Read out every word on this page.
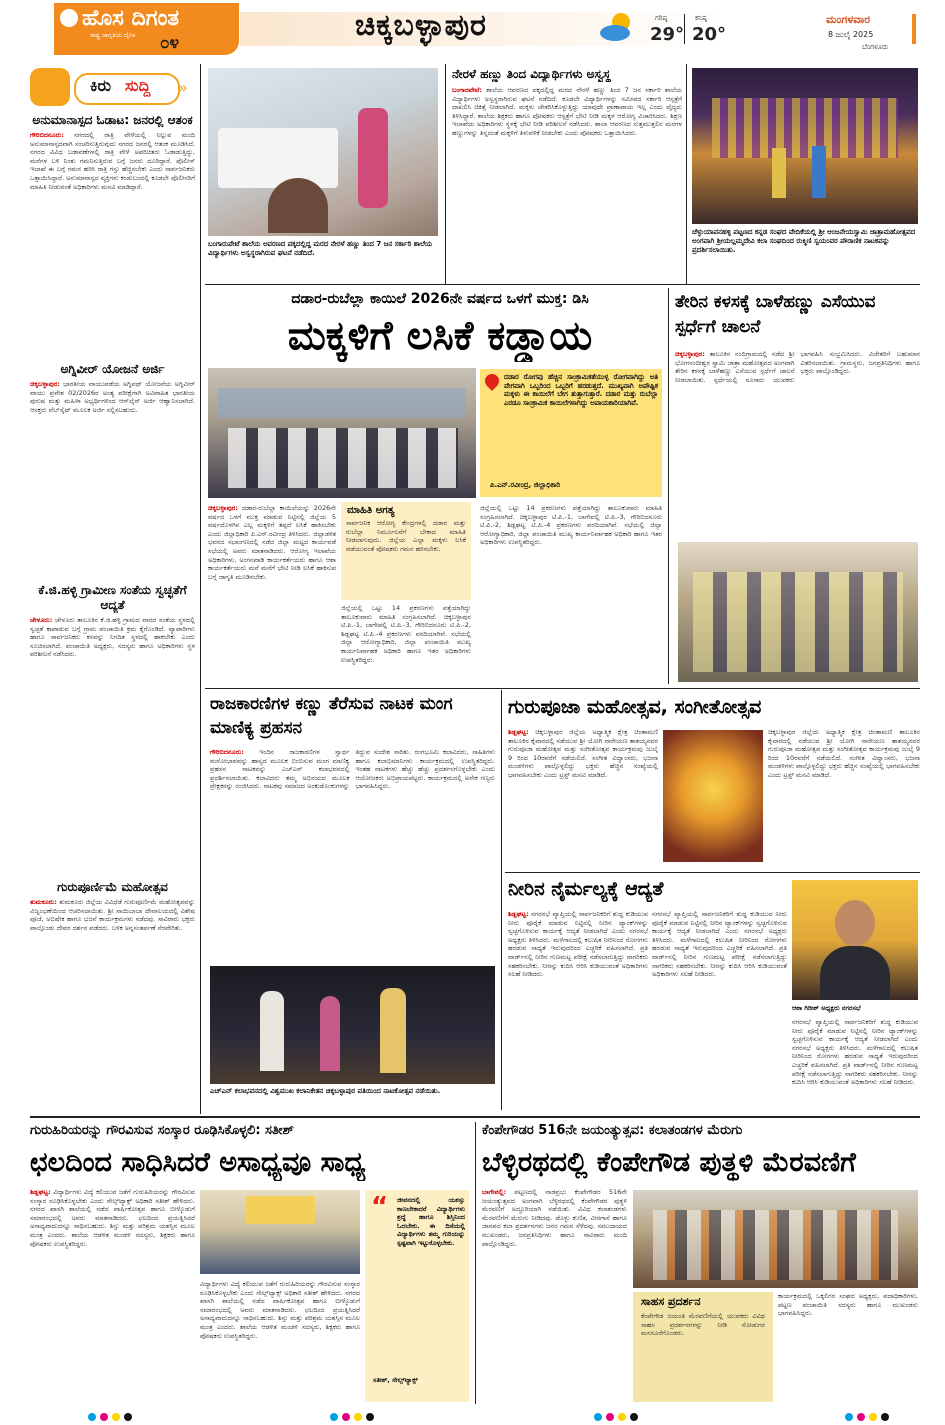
ಹೊಸ ದಿಗಂತ
ರಾಷ್ಟ್ರ ಜಾಗೃತಿಯ ದೈನಿಕ ೦೪	ಚಿಕ್ಕಬಳ್ಳಾಪುರ	ಗರಿಷ್ಠ
29°
ಕನಿಷ್ಠ
20°
ಮಂಗಳವಾರ
8 ಜುಲೈ 2025
ಬೆಂಗಳೂರು
ಕಿರು ಸುದ್ದಿ »
ಅನುಮಾನಾಸ್ಪದ ಓಡಾಟ: ಜನರಲ್ಲಿ ಆತಂಕ
ಗೌರಿಬಿದನೂರು: ನಗರದಲ್ಲಿ ರಾತ್ರಿ ವೇಳೆಯಲ್ಲಿ ನಿಲ್ಲುವ ಮಂದಿ ಅನುಮಾನಾಸ್ಪದವಾಗಿ ಸಂಚರಿಸುತ್ತಿರುವುದು ನಗರದ ಜನರಲ್ಲಿ ಆತಂಕ ಮೂಡಿಸಿದೆ. ನಗರದ ವಿವಿಧ ಬಡಾವಣೆಗಳಲ್ಲಿ ರಾತ್ರಿ ವೇಳೆ ಅಪರಿಚಿತರು ಓಡಾಡುತ್ತಿದ್ದು, ಮನೆಗಳ ಬಳಿ ನಿಂತು ಗಮನಿಸುತ್ತಿರುವ ಬಗ್ಗೆ ಜನರು ದೂರಿದ್ದಾರೆ. ಪೊಲೀಸ್ ಇಲಾಖೆ ಈ ಬಗ್ಗೆ ಗಮನ ಹರಿಸಿ ರಾತ್ರಿ ಗಸ್ತು ಹೆಚ್ಚಿಸಬೇಕು ಎಂದು ಸಾರ್ವಜನಿಕರು ಒತ್ತಾಯಿಸಿದ್ದಾರೆ. ಅನುಮಾನಾಸ್ಪದ ವ್ಯಕ್ತಿಗಳು ಕಂಡುಬಂದಲ್ಲಿ ಕೂಡಲೇ ಪೊಲೀಸರಿಗೆ ಮಾಹಿತಿ ನೀಡುವಂತೆ ಅಧಿಕಾರಿಗಳು ಮನವಿ ಮಾಡಿದ್ದಾರೆ.
ಅಗ್ನಿವೀರ್ ಯೋಜನೆ ಅರ್ಜಿ
ಚಿಕ್ಕಬಳ್ಳಾಪುರ: ಭಾರತೀಯ ವಾಯುಪಡೆಯ ಅಗ್ನಿಪಥ್ ಯೋಜನೆಯ ಅಗ್ನಿವೀರ್ ವಾಯು ಪ್ರವೇಶ 02/2026ರ ಅಂತ್ಯ ಪರೀಕ್ಷೆಗಾಗಿ ಅವಿವಾಹಿತ ಭಾರತೀಯ ಪುರುಷ ಮತ್ತು ಮಹಿಳಾ ಅಭ್ಯರ್ಥಿಗಳಿಂದ ಆನ್‌ಲೈನ್ ಅರ್ಜಿ ಆಹ್ವಾನಿಸಲಾಗಿದೆ. ಆಸಕ್ತರು ವೆಬ್‌ಸೈಟ್ ಮೂಲಕ ಅರ್ಜಿ ಸಲ್ಲಿಸಬಹುದು.
ಕೆ.ಜಿ.ಹಳ್ಳಿ ಗ್ರಾಮೀಣ ಸಂತೆಯ ಸ್ವಚ್ಛತೆಗೆ ಆದ್ಯತೆ
ಚೇಳೂರು: ಚೇಳೂರು ತಾಲೂಕಿನ ಕೆ.ಜಿ.ಹಳ್ಳಿ ಗ್ರಾಮದ ವಾರದ ಸಂತೆಯ ಸ್ಥಳದಲ್ಲಿ ಸ್ವಚ್ಛತೆ ಕಾಪಾಡುವ ಬಗ್ಗೆ ಗ್ರಾಮ ಪಂಚಾಯಿತಿ ಕ್ರಮ ಕೈಗೊಂಡಿದೆ. ವ್ಯಾಪಾರಿಗಳು ಹಾಗೂ ಸಾರ್ವಜನಿಕರು ಕಸವನ್ನು ನಿಗದಿತ ಸ್ಥಳದಲ್ಲಿ ಹಾಕಬೇಕು ಎಂದು ಸೂಚಿಸಲಾಗಿದೆ. ಪಂಚಾಯಿತಿ ಅಧ್ಯಕ್ಷರು, ಸದಸ್ಯರು ಹಾಗೂ ಅಧಿಕಾರಿಗಳು ಸ್ಥಳ ಪರಿಶೀಲನೆ ನಡೆಸಿದರು.
ಗುರುಪೂರ್ಣಿಮೆ ಮಹೋತ್ಸವ
ತುಮಕೂರು: ತುಮಕೂರು ಜಿಲ್ಲೆಯ ವಿವಿಧೆಡೆ ಗುರುಪೂರ್ಣಿಮೆ ಮಹೋತ್ಸವವನ್ನು ವಿಜೃಂಭಣೆಯಿಂದ ಆಚರಿಸಲಾಯಿತು. ಶ್ರೀ ಸಾಯಿಬಾಬಾ ದೇವಾಲಯದಲ್ಲಿ ವಿಶೇಷ ಪೂಜೆ, ಅಭಿಷೇಕ ಹಾಗೂ ಭಜನೆ ಕಾರ್ಯಕ್ರಮಗಳು ನಡೆದವು. ಸಾವಿರಾರು ಭಕ್ತರು ಪಾಲ್ಗೊಂಡು ದೇವರ ದರ್ಶನ ಪಡೆದರು. ಬಳಿಕ ಅನ್ನಸಂತರ್ಪಣೆ ನೆರವೇರಿತು.
ಬಂಗಾರುಪೇಟೆ ಶಾಲೆಯ ಅವರಣದ ಪಕ್ಕದಲ್ಲಿದ್ದ ಮರದ ನೇರಳೆ ಹಣ್ಣು ತಿಂದ 7 ಜನ ಸರ್ಕಾರಿ ಶಾಲೆಯ ವಿದ್ಯಾರ್ಥಿಗಳು ಅಸ್ವಸ್ಥರಾಗಿರುವ ಘಟನೆ ನಡೆದಿದೆ.
ನೇರಳೆ ಹಣ್ಣು ತಿಂದ ವಿದ್ಯಾರ್ಥಿಗಳು ಅಸ್ವಸ್ಥ
ಬಂಗಾರಪೇಟೆ: ಶಾಲೆಯ ಆವರಣದ ಪಕ್ಕದಲ್ಲಿದ್ದ ಮರದ ನೇರಳೆ ಹಣ್ಣು ತಿಂದ 7 ಜನ ಸರ್ಕಾರಿ ಶಾಲೆಯ ವಿದ್ಯಾರ್ಥಿಗಳು ಅಸ್ವಸ್ಥರಾಗಿರುವ ಘಟನೆ ನಡೆದಿದೆ. ಕೂಡಲೇ ವಿದ್ಯಾರ್ಥಿಗಳನ್ನು ಸಮೀಪದ ಸರ್ಕಾರಿ ಆಸ್ಪತ್ರೆಗೆ ದಾಖಲಿಸಿ ಚಿಕಿತ್ಸೆ ನೀಡಲಾಗಿದೆ. ಮಕ್ಕಳು ಚೇತರಿಸಿಕೊಳ್ಳುತ್ತಿದ್ದು ಯಾವುದೇ ಪ್ರಾಣಾಪಾಯ ಇಲ್ಲ ಎಂದು ವೈದ್ಯರು ತಿಳಿಸಿದ್ದಾರೆ. ಶಾಲೆಯ ಶಿಕ್ಷಕರು ಹಾಗೂ ಪೋಷಕರು ಆಸ್ಪತ್ರೆಗೆ ಭೇಟಿ ನೀಡಿ ಮಕ್ಕಳ ಆರೋಗ್ಯ ವಿಚಾರಿಸಿದರು. ಶಿಕ್ಷಣ ಇಲಾಖೆಯ ಅಧಿಕಾರಿಗಳು ಸ್ಥಳಕ್ಕೆ ಭೇಟಿ ನೀಡಿ ಪರಿಶೀಲನೆ ನಡೆಸಿದರು. ಶಾಲಾ ಆವರಣದ ಸುತ್ತಮುತ್ತಲಿನ ಮರಗಳ ಹಣ್ಣುಗಳನ್ನು ತಿನ್ನದಂತೆ ಮಕ್ಕಳಿಗೆ ತಿಳುವಳಿಕೆ ನೀಡಬೇಕು ಎಂದು ಪೋಷಕರು ಒತ್ತಾಯಿಸಿದರು.
ಚೆಳ್ಳುಯಾಪನಹಳ್ಳಿ ಪಟ್ಟಣದ ಕನ್ನಡ ಸಂಘದ ವೇದಿಕೆಯಲ್ಲಿ ಶ್ರೀ ಆಂಜನೇಯಸ್ವಾಮಿ ಜಾತ್ರಾಮಹೋತ್ಸವದ ಅಂಗವಾಗಿ ಶ್ರೀಯಲ್ಲಮ್ಮದೇವಿ ಕಲಾ ಸಂಘದಿಂದ ರುಕ್ಮಿಣಿ ಸ್ವಯಂವರ ಪೌರಾಣಿಕ ನಾಟಕವನ್ನು ಪ್ರದರ್ಶಿಸಲಾಯಿತು.
ದಡಾರ-ರುಬೆಲ್ಲಾ ಕಾಯಿಲೆ 2026ನೇ ವರ್ಷದ ಒಳಗೆ ಮುಕ್ತ: ಡಿಸಿ
ಮಕ್ಕಳಿಗೆ ಲಸಿಕೆ ಕಡ್ಡಾಯ
ದಡಾರ ರೋಗವು ಹೆಚ್ಚಿನ ಸಾಂಕ್ರಾಮಿಕತೆಯುಳ್ಳ ರೋಗವಾಗಿದ್ದು ಅತಿ ವೇಗವಾಗಿ ಒಬ್ಬರಿಂದ ಒಬ್ಬರಿಗೆ ಹರಡುತ್ತದೆ. ಮುಖ್ಯವಾಗಿ ಅಪೌಷ್ಟಿಕ ಮಕ್ಕಳು ಈ ಕಾಯಿಲೆಗೆ ಬೇಗ ತುತ್ತಾಗುತ್ತಾರೆ. ದಡಾರ ಮತ್ತು ರುಬೆಲ್ಲಾ ಎರಡೂ ಸಾಂಕ್ರಾಮಿಕ ಕಾಯಿಲೆಗಳಾಗಿದ್ದು ಅಪಾಯಕಾರಿಯಾಗಿವೆ.
ಪಿ.ಎನ್.ರವೀಂದ್ರ, ಜಿಲ್ಲಾಧಿಕಾರಿ
ಚಿಕ್ಕಬಳ್ಳಾಪುರ: ದಡಾರ-ರುಬೆಲ್ಲಾ ಕಾಯಿಲೆಯನ್ನು 2026ನೇ ವರ್ಷದ ಒಳಗೆ ಮುಕ್ತ ಮಾಡುವ ನಿಟ್ಟಿನಲ್ಲಿ ಜಿಲ್ಲೆಯ 5 ವರ್ಷದೊಳಗಿನ ಎಲ್ಲ ಮಕ್ಕಳಿಗೆ ತಪ್ಪದೆ ಲಸಿಕೆ ಹಾಕಿಸಬೇಕು ಎಂದು ಜಿಲ್ಲಾಧಿಕಾರಿ ಪಿ.ಎನ್.ರವೀಂದ್ರ ತಿಳಿಸಿದರು. ಜಿಲ್ಲಾಡಳಿತ ಭವನದ ಸಭಾಂಗಣದಲ್ಲಿ ನಡೆದ ಜಿಲ್ಲಾ ಮಟ್ಟದ ಕಾರ್ಯಪಡೆ ಸಭೆಯಲ್ಲಿ ಅವರು ಮಾತನಾಡಿದರು. ಆರೋಗ್ಯ ಇಲಾಖೆಯ ಅಧಿಕಾರಿಗಳು, ಅಂಗನವಾಡಿ ಕಾರ್ಯಕರ್ತೆಯರು ಹಾಗೂ ಆಶಾ ಕಾರ್ಯಕರ್ತೆಯರು ಮನೆ ಮನೆಗೆ ಭೇಟಿ ನೀಡಿ ಲಸಿಕೆ ಹಾಕಿಸುವ ಬಗ್ಗೆ ಜಾಗೃತಿ ಮೂಡಿಸಬೇಕು.
ಮಾಹಿತಿ ಅಗತ್ಯ
ಸಾರ್ವಜನಿಕ ಆರೋಗ್ಯ ಕೇಂದ್ರಗಳಲ್ಲಿ ದಡಾರ ಮತ್ತು ರುಬೆಲ್ಲಾ ನಿರ್ಮೂಲನೆಗೆ ಬೇಕಾದ ಮಾಹಿತಿ ನೀಡಲಾಗುವುದು. ಜಿಲ್ಲೆಯ ಎಲ್ಲಾ ಮಕ್ಕಳು ಲಸಿಕೆ ಪಡೆಯುವಂತೆ ಪೋಷಕರು ಗಮನ ಹರಿಸಬೇಕು.
ಜಿಲ್ಲೆಯಲ್ಲಿ ಒಟ್ಟು 14 ಪ್ರಕರಣಗಳು ಪತ್ತೆಯಾಗಿದ್ದು ತಾಲೂಕುವಾರು ಮಾಹಿತಿ ಸಂಗ್ರಹಿಸಲಾಗಿದೆ. ಚಿಕ್ಕಬಳ್ಳಾಪುರ ಟಿ.ಪಿ.-1, ಬಾಗೇಪಲ್ಲಿ ಟಿ.ಪಿ.-3, ಗೌರಿಬಿದನೂರು ಟಿ.ಪಿ.-2, ಶಿಡ್ಲಘಟ್ಟ ಟಿ.ಪಿ.-4 ಪ್ರಕರಣಗಳು ವರದಿಯಾಗಿವೆ. ಸಭೆಯಲ್ಲಿ ಜಿಲ್ಲಾ ಆರೋಗ್ಯಾಧಿಕಾರಿ, ಜಿಲ್ಲಾ ಪಂಚಾಯಿತಿ ಮುಖ್ಯ ಕಾರ್ಯನಿರ್ವಾಹಕ ಅಧಿಕಾರಿ ಹಾಗೂ ಇತರ ಅಧಿಕಾರಿಗಳು ಉಪಸ್ಥಿತರಿದ್ದರು.
ಜಿಲ್ಲೆಯಲ್ಲಿ ಒಟ್ಟು 14 ಪ್ರಕರಣಗಳು ಪತ್ತೆಯಾಗಿದ್ದು ತಾಲೂಕುವಾರು ಮಾಹಿತಿ ಸಂಗ್ರಹಿಸಲಾಗಿದೆ. ಚಿಕ್ಕಬಳ್ಳಾಪುರ ಟಿ.ಪಿ.-1, ಬಾಗೇಪಲ್ಲಿ ಟಿ.ಪಿ.-3, ಗೌರಿಬಿದನೂರು ಟಿ.ಪಿ.-2, ಶಿಡ್ಲಘಟ್ಟ ಟಿ.ಪಿ.-4 ಪ್ರಕರಣಗಳು ವರದಿಯಾಗಿವೆ. ಸಭೆಯಲ್ಲಿ ಜಿಲ್ಲಾ ಆರೋಗ್ಯಾಧಿಕಾರಿ, ಜಿಲ್ಲಾ ಪಂಚಾಯಿತಿ ಮುಖ್ಯ ಕಾರ್ಯನಿರ್ವಾಹಕ ಅಧಿಕಾರಿ ಹಾಗೂ ಇತರ ಅಧಿಕಾರಿಗಳು ಉಪಸ್ಥಿತರಿದ್ದರು.
ತೇರಿನ ಕಳಸಕ್ಕೆ ಬಾಳೆಹಣ್ಣು ಎಸೆಯುವ ಸ್ಪರ್ಧೆಗೆ ಚಾಲನೆ
ಚಿಕ್ಕಬಳ್ಳಾಪುರ: ತಾಲೂಕಿನ ನಂದಿಗ್ರಾಮದಲ್ಲಿ ನಡೆದ ಶ್ರೀ ಭೋಗನಂದೀಶ್ವರ ಸ್ವಾಮಿ ಜಾತ್ರಾ ಮಹೋತ್ಸವದ ಅಂಗವಾಗಿ ತೇರಿನ ಕಳಸಕ್ಕೆ ಬಾಳೆಹಣ್ಣು ಎಸೆಯುವ ಸ್ಪರ್ಧೆಗೆ ಚಾಲನೆ ನೀಡಲಾಯಿತು. ಸ್ಪರ್ಧೆಯಲ್ಲಿ ನೂರಾರು ಯುವಕರು ಭಾಗವಹಿಸಿ ಸಂಭ್ರಮಿಸಿದರು. ವಿಜೇತರಿಗೆ ಬಹುಮಾನ ವಿತರಿಸಲಾಯಿತು. ಗ್ರಾಮಸ್ಥರು, ಜನಪ್ರತಿನಿಧಿಗಳು ಹಾಗೂ ಭಕ್ತರು ಪಾಲ್ಗೊಂಡಿದ್ದರು.
ರಾಜಕಾರಣಿಗಳ ಕಣ್ಣು ತೆರೆಸುವ ನಾಟಕ ಮಂಗ ಮಾಣಿಕ್ಯ ಪ್ರಹಸನ
ಗೌರಿಬಿದನೂರು: ಇಂದಿನ ರಾಜಕಾರಣಿಗಳ ಸ್ವಾರ್ಥ ಮನೋಭಾವವನ್ನು ಹಾಸ್ಯದ ಮೂಲಕ ಬಿಂಬಿಸುವ ಮಂಗ ಮಾಣಿಕ್ಯ ಪ್ರಹಸನ ನಾಟಕವನ್ನು ಎಚ್‌ಎನ್ ಕಲಾಭವನದಲ್ಲಿ ಪ್ರದರ್ಶಿಸಲಾಯಿತು. ಕಲಾವಿದರು ತಮ್ಮ ಅಭಿನಯದ ಮೂಲಕ ಪ್ರೇಕ್ಷಕರನ್ನು ರಂಜಿಸಿದರು. ನಾಟಕವು ಸಮಾಜದ ಅಂಕುಡೊಂಕುಗಳನ್ನು ತಿದ್ದುವ ಸಂದೇಶ ಸಾರಿತು. ರಂಗಭೂಮಿ ಕಲಾವಿದರು, ಸಾಹಿತಿಗಳು ಹಾಗೂ ಕಲಾಭಿಮಾನಿಗಳು ಕಾರ್ಯಕ್ರಮದಲ್ಲಿ ಉಪಸ್ಥಿತರಿದ್ದರು. ಇಂತಹ ನಾಟಕಗಳು ಹೆಚ್ಚು ಹೆಚ್ಚು ಪ್ರದರ್ಶನಗೊಳ್ಳಬೇಕು ಎಂದು ಆಯೋಜಕರು ಅಭಿಪ್ರಾಯಪಟ್ಟರು. ಕಾರ್ಯಕ್ರಮದಲ್ಲಿ ಅನೇಕ ಗಣ್ಯರು ಭಾಗವಹಿಸಿದ್ದರು.
ಎಚ್‌ಎನ್ ಕಲಾಭವನದಲ್ಲಿ ವಿಶ್ವಮುಖ ಕಲಾನಿಕೇತನ ಚಿಕ್ಕಬಳ್ಳಾಪುರ ವತಿಯಿಂದ ನಾಟಕೋತ್ಸವ ನಡೆಯಿತು.
ಗುರುಪೂಜಾ ಮಹೋತ್ಸವ, ಸಂಗೀತೋತ್ಸವ
ಶಿಡ್ಲಘಟ್ಟ: ಚಿಕ್ಕಬಳ್ಳಾಪುರ ಜಿಲ್ಲೆಯ ಅಧ್ಯಾತ್ಮಿಕ ಕ್ಷೇತ್ರ ಚಿಂತಾಮಣಿ ತಾಲೂಕಿನ ಕೈವಾರದಲ್ಲಿ ನಡೆಯುವ ಶ್ರೀ ಯೋಗಿ ನಾರೇಯಣ ತಾತಯ್ಯನವರ ಗುರುಪೂಜಾ ಮಹೋತ್ಸವ ಮತ್ತು ಸಂಗೀತೋತ್ಸವ ಕಾರ್ಯಕ್ರಮವು ಜುಲೈ 9 ರಿಂದ 10ರವರೆಗೆ ನಡೆಯಲಿದೆ. ಸಂಗೀತ ವಿದ್ವಾಂಸರು, ಭಜನಾ ಮಂಡಳಿಗಳು ಪಾಲ್ಗೊಳ್ಳಲಿದ್ದು ಭಕ್ತರು ಹೆಚ್ಚಿನ ಸಂಖ್ಯೆಯಲ್ಲಿ ಭಾಗವಹಿಸಬೇಕು ಎಂದು ಟ್ರಸ್ಟ್ ಮನವಿ ಮಾಡಿದೆ.
ಚಿಕ್ಕಬಳ್ಳಾಪುರ ಜಿಲ್ಲೆಯ ಅಧ್ಯಾತ್ಮಿಕ ಕ್ಷೇತ್ರ ಚಿಂತಾಮಣಿ ತಾಲೂಕಿನ ಕೈವಾರದಲ್ಲಿ ನಡೆಯುವ ಶ್ರೀ ಯೋಗಿ ನಾರೇಯಣ ತಾತಯ್ಯನವರ ಗುರುಪೂಜಾ ಮಹೋತ್ಸವ ಮತ್ತು ಸಂಗೀತೋತ್ಸವ ಕಾರ್ಯಕ್ರಮವು ಜುಲೈ 9 ರಿಂದ 10ರವರೆಗೆ ನಡೆಯಲಿದೆ. ಸಂಗೀತ ವಿದ್ವಾಂಸರು, ಭಜನಾ ಮಂಡಳಿಗಳು ಪಾಲ್ಗೊಳ್ಳಲಿದ್ದು ಭಕ್ತರು ಹೆಚ್ಚಿನ ಸಂಖ್ಯೆಯಲ್ಲಿ ಭಾಗವಹಿಸಬೇಕು ಎಂದು ಟ್ರಸ್ಟ್ ಮನವಿ ಮಾಡಿದೆ.
ನೀರಿನ ನೈರ್ಮಲ್ಯಕ್ಕೆ ಆದ್ಯತೆ
ಶಿಡ್ಲಘಟ್ಟ: ನಗರಸಭೆ ವ್ಯಾಪ್ತಿಯಲ್ಲಿ ಸಾರ್ವಜನಿಕರಿಗೆ ಶುದ್ಧ ಕುಡಿಯುವ ನೀರು ಪೂರೈಕೆ ಮಾಡುವ ನಿಟ್ಟಿನಲ್ಲಿ ನೀರಿನ ಟ್ಯಾಂಕ್‌ಗಳನ್ನು ಸ್ವಚ್ಛಗೊಳಿಸುವ ಕಾರ್ಯಕ್ಕೆ ಆದ್ಯತೆ ನೀಡಲಾಗಿದೆ ಎಂದು ನಗರಸಭೆ ಅಧ್ಯಕ್ಷರು ತಿಳಿಸಿದರು. ಮಳೆಗಾಲದಲ್ಲಿ ಕಲುಷಿತ ನೀರಿನಿಂದ ರೋಗಗಳು ಹರಡುವ ಸಾಧ್ಯತೆ ಇರುವುದರಿಂದ ಎಚ್ಚರಿಕೆ ವಹಿಸಲಾಗಿದೆ. ಪ್ರತಿ ವಾರ್ಡ್‌ನಲ್ಲಿ ನೀರಿನ ಗುಣಮಟ್ಟ ಪರೀಕ್ಷೆ ನಡೆಸಲಾಗುತ್ತಿದ್ದು ನಾಗರಿಕರು ಸಹಕರಿಸಬೇಕು. ನೀರನ್ನು ಕುದಿಸಿ ಆರಿಸಿ ಕುಡಿಯುವಂತೆ ಅಧಿಕಾರಿಗಳು ಸಲಹೆ ನೀಡಿದರು.
ನಗರಸಭೆ ವ್ಯಾಪ್ತಿಯಲ್ಲಿ ಸಾರ್ವಜನಿಕರಿಗೆ ಶುದ್ಧ ಕುಡಿಯುವ ನೀರು ಪೂರೈಕೆ ಮಾಡುವ ನಿಟ್ಟಿನಲ್ಲಿ ನೀರಿನ ಟ್ಯಾಂಕ್‌ಗಳನ್ನು ಸ್ವಚ್ಛಗೊಳಿಸುವ ಕಾರ್ಯಕ್ಕೆ ಆದ್ಯತೆ ನೀಡಲಾಗಿದೆ ಎಂದು ನಗರಸಭೆ ಅಧ್ಯಕ್ಷರು ತಿಳಿಸಿದರು. ಮಳೆಗಾಲದಲ್ಲಿ ಕಲುಷಿತ ನೀರಿನಿಂದ ರೋಗಗಳು ಹರಡುವ ಸಾಧ್ಯತೆ ಇರುವುದರಿಂದ ಎಚ್ಚರಿಕೆ ವಹಿಸಲಾಗಿದೆ. ಪ್ರತಿ ವಾರ್ಡ್‌ನಲ್ಲಿ ನೀರಿನ ಗುಣಮಟ್ಟ ಪರೀಕ್ಷೆ ನಡೆಸಲಾಗುತ್ತಿದ್ದು ನಾಗರಿಕರು ಸಹಕರಿಸಬೇಕು. ನೀರನ್ನು ಕುದಿಸಿ ಆರಿಸಿ ಕುಡಿಯುವಂತೆ ಅಧಿಕಾರಿಗಳು ಸಲಹೆ ನೀಡಿದರು.
ಆಶಾ ಗಿರೀಶ್ ಅಧ್ಯಕ್ಷರು ನಗರಸಭೆ
ನಗರಸಭೆ ವ್ಯಾಪ್ತಿಯಲ್ಲಿ ಸಾರ್ವಜನಿಕರಿಗೆ ಶುದ್ಧ ಕುಡಿಯುವ ನೀರು ಪೂರೈಕೆ ಮಾಡುವ ನಿಟ್ಟಿನಲ್ಲಿ ನೀರಿನ ಟ್ಯಾಂಕ್‌ಗಳನ್ನು ಸ್ವಚ್ಛಗೊಳಿಸುವ ಕಾರ್ಯಕ್ಕೆ ಆದ್ಯತೆ ನೀಡಲಾಗಿದೆ ಎಂದು ನಗರಸಭೆ ಅಧ್ಯಕ್ಷರು ತಿಳಿಸಿದರು. ಮಳೆಗಾಲದಲ್ಲಿ ಕಲುಷಿತ ನೀರಿನಿಂದ ರೋಗಗಳು ಹರಡುವ ಸಾಧ್ಯತೆ ಇರುವುದರಿಂದ ಎಚ್ಚರಿಕೆ ವಹಿಸಲಾಗಿದೆ. ಪ್ರತಿ ವಾರ್ಡ್‌ನಲ್ಲಿ ನೀರಿನ ಗುಣಮಟ್ಟ ಪರೀಕ್ಷೆ ನಡೆಸಲಾಗುತ್ತಿದ್ದು ನಾಗರಿಕರು ಸಹಕರಿಸಬೇಕು. ನೀರನ್ನು ಕುದಿಸಿ ಆರಿಸಿ ಕುಡಿಯುವಂತೆ ಅಧಿಕಾರಿಗಳು ಸಲಹೆ ನೀಡಿದರು.
ಗುರುಹಿರಿಯರನ್ನು ಗೌರವಿಸುವ ಸಂಸ್ಕಾರ ರೂಢಿಸಿಕೊಳ್ಳಲಿ: ಸತೀಶ್
ಛಲದಿಂದ ಸಾಧಿಸಿದರೆ ಅಸಾಧ್ಯವೂ ಸಾಧ್ಯ
ಶಿಡ್ಲಘಟ್ಟ: ವಿದ್ಯಾರ್ಥಿಗಳು ವಿದ್ಯೆ ಕಲಿಯುವ ಜತೆಗೆ ಗುರುಹಿರಿಯರನ್ನು ಗೌರವಿಸುವ ಸಂಸ್ಕಾರ ರೂಢಿಸಿಕೊಳ್ಳಬೇಕು ಎಂದು ಸೇಲ್ಸ್‌ಟ್ಯಾಕ್ಸ್ ಅಧಿಕಾರಿ ಸತೀಶ್ ಹೇಳಿದರು. ನಗರದ ಖಾಸಗಿ ಶಾಲೆಯಲ್ಲಿ ನಡೆದ ವಾರ್ಷಿಕೋತ್ಸವ ಹಾಗೂ ಬೀಳ್ಕೊಡುಗೆ ಸಮಾರಂಭದಲ್ಲಿ ಅವರು ಮಾತನಾಡಿದರು. ಛಲದಿಂದ ಪ್ರಯತ್ನಿಸಿದರೆ ಅಸಾಧ್ಯವಾದುದನ್ನೂ ಸಾಧಿಸಬಹುದು. ಶಿಸ್ತು ಮತ್ತು ಪರಿಶ್ರಮ ಯಶಸ್ಸಿನ ಮೂಲ ಮಂತ್ರ ಎಂದರು. ಶಾಲೆಯ ಆಡಳಿತ ಮಂಡಳಿ ಸದಸ್ಯರು, ಶಿಕ್ಷಕರು ಹಾಗೂ ಪೋಷಕರು ಉಪಸ್ಥಿತರಿದ್ದರು.
ವಿದ್ಯಾರ್ಥಿಗಳು ವಿದ್ಯೆ ಕಲಿಯುವ ಜತೆಗೆ ಗುರುಹಿರಿಯರನ್ನು ಗೌರವಿಸುವ ಸಂಸ್ಕಾರ ರೂಢಿಸಿಕೊಳ್ಳಬೇಕು ಎಂದು ಸೇಲ್ಸ್‌ಟ್ಯಾಕ್ಸ್ ಅಧಿಕಾರಿ ಸತೀಶ್ ಹೇಳಿದರು. ನಗರದ ಖಾಸಗಿ ಶಾಲೆಯಲ್ಲಿ ನಡೆದ ವಾರ್ಷಿಕೋತ್ಸವ ಹಾಗೂ ಬೀಳ್ಕೊಡುಗೆ ಸಮಾರಂಭದಲ್ಲಿ ಅವರು ಮಾತನಾಡಿದರು. ಛಲದಿಂದ ಪ್ರಯತ್ನಿಸಿದರೆ ಅಸಾಧ್ಯವಾದುದನ್ನೂ ಸಾಧಿಸಬಹುದು. ಶಿಸ್ತು ಮತ್ತು ಪರಿಶ್ರಮ ಯಶಸ್ಸಿನ ಮೂಲ ಮಂತ್ರ ಎಂದರು. ಶಾಲೆಯ ಆಡಳಿತ ಮಂಡಳಿ ಸದಸ್ಯರು, ಶಿಕ್ಷಕರು ಹಾಗೂ ಪೋಷಕರು ಉಪಸ್ಥಿತರಿದ್ದರು.
“ ಜೀವನದಲ್ಲಿ ಯಶಸ್ಸು ಕಾಣಬೇಕಾದರೆ ವಿದ್ಯಾರ್ಥಿಗಳು ಶ್ರದ್ಧೆ ಹಾಗೂ ಶಿಸ್ತಿನಿಂದ ಓದಬೇಕು. ಈ ದಿಸೆಯಲ್ಲಿ ವಿದ್ಯಾರ್ಥಿಗಳು ತಮ್ಮ ಗುರಿಯನ್ನು ಸ್ಪಷ್ಟವಾಗಿ ಇಟ್ಟುಕೊಳ್ಳಬೇಕು.
ಸತೀಶ್, ಸೇಲ್ಸ್‌ಟ್ಯಾಕ್ಸ್
ಕೆಂಪೇಗೌಡರ 516ನೇ ಜಯಂತ್ಯುತ್ಸವ: ಕಲಾತಂಡಗಳ ಮೆರುಗು
ಬೆಳ್ಳಿರಥದಲ್ಲಿ ಕೆಂಪೇಗೌಡ ಪುತ್ಥಳಿ ಮೆರವಣಿಗೆ
ಬಾಗೇಪಲ್ಲಿ: ಪಟ್ಟಣದಲ್ಲಿ ನಾಡಪ್ರಭು ಕೆಂಪೇಗೌಡರ 516ನೇ ಜಯಂತ್ಯುತ್ಸವದ ಅಂಗವಾಗಿ ಬೆಳ್ಳಿರಥದಲ್ಲಿ ಕೆಂಪೇಗೌಡರ ಪುತ್ಥಳಿ ಮೆರವಣಿಗೆ ಅದ್ದೂರಿಯಾಗಿ ನಡೆಯಿತು. ವಿವಿಧ ಕಲಾತಂಡಗಳು ಮೆರವಣಿಗೆಗೆ ಮೆರುಗು ನೀಡಿದವು. ಡೊಳ್ಳು ಕುಣಿತ, ವೀರಗಾಸೆ ಹಾಗೂ ಜಾನಪದ ಕಲಾ ಪ್ರದರ್ಶನಗಳು ಜನರ ಗಮನ ಸೆಳೆದವು. ಸಮುದಾಯದ ಮುಖಂಡರು, ಜನಪ್ರತಿನಿಧಿಗಳು ಹಾಗೂ ಸಾವಿರಾರು ಮಂದಿ ಪಾಲ್ಗೊಂಡಿದ್ದರು.
ಸಾಹಸ ಪ್ರದರ್ಶನ
ಕೆಂಪೇಗೌಡ ಜಯಂತಿ ಮೆರವಣಿಗೆಯಲ್ಲಿ ಯುವಕರು ವಿವಿಧ ಸಾಹಸ ಪ್ರದರ್ಶನಗಳನ್ನು ನೀಡಿ ನೋಡುಗರ ಮನಸೂರೆಗೊಂಡರು.
ಕಾರ್ಯಕ್ರಮದಲ್ಲಿ ಒಕ್ಕಲಿಗರ ಸಂಘದ ಅಧ್ಯಕ್ಷರು, ಪದಾಧಿಕಾರಿಗಳು, ಪಟ್ಟಣ ಪಂಚಾಯಿತಿ ಸದಸ್ಯರು ಹಾಗೂ ಮುಖಂಡರು ಭಾಗವಹಿಸಿದ್ದರು.
